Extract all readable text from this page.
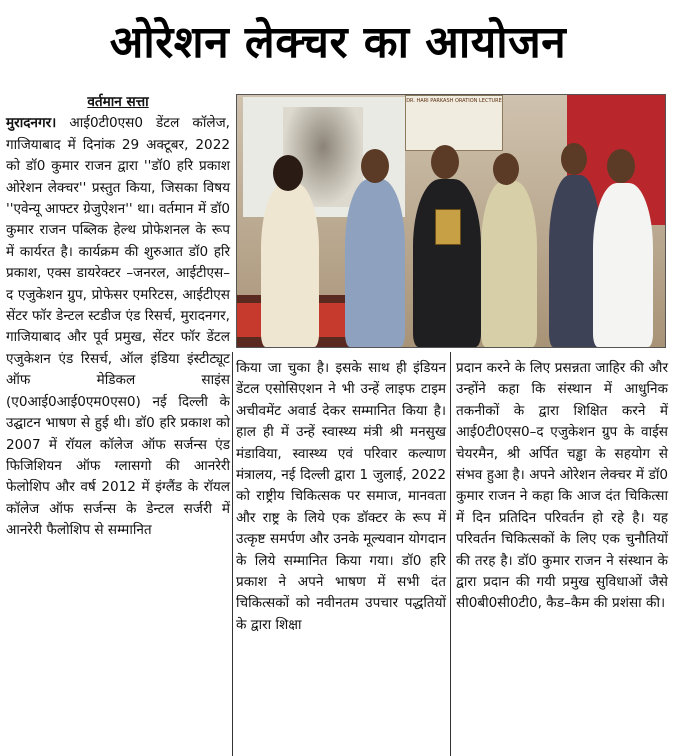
ओरेशन लेक्चर का आयोजन
वर्तमान सत्ता
मुरादनगर। आई0टी0एस0 डेंटल कॉलेज, गाजियाबाद में दिनांक 29 अक्टूबर, 2022 को डॉ0 कुमार राजन द्वारा ''डॉ0 हरि प्रकाश ओरेशन लेक्चर'' प्रस्तुत किया, जिसका विषय ''एवेन्यू आफ्टर ग्रेजुऐशन'' था। वर्तमान में डॉ0 कुमार राजन पब्लिक हेल्थ प्रोफेशनल के रूप में कार्यरत है। कार्यक्रम की शुरुआत डॉ0 हरि प्रकाश, एक्स डायरेक्टर –जनरल, आईटीएस–द एजुकेशन ग्रुप, प्रोफेसर एमरिटस, आईटीएस सेंटर फॉर डेन्टल स्टडीज एंड रिसर्च, मुरादनगर, गाजियाबाद और पूर्व प्रमुख, सेंटर फॉर डेंटल एजुकेशन एंड रिसर्च, ऑल इंडिया इंस्टीट्यूट ऑफ मेडिकल साइंस (ए0आई0आई0एम0एस0) नई दिल्ली के उद्घाटन भाषण से हुई थी। डॉ0 हरि प्रकाश को 2007 में रॉयल कॉलेज ऑफ सर्जन्स एंड फिजिशियन ऑफ ग्लासगो की आनरेरी फेलोशिप और वर्ष 2012 में इंग्लैंड के रॉयल कॉलेज ऑफ सर्जन्स के डेन्टल सर्जरी में आनरेरी फैलोशिप से सम्मानित
DR. HARI PARKASH ORATION LECTURE
किया जा चुका है। इसके साथ ही इंडियन डेंटल एसोसिएशन ने भी उन्हें लाइफ टाइम अचीवमेंट अवार्ड देकर सम्मानित किया है। हाल ही में उन्हें स्वास्थ्य मंत्री श्री मनसुख मंडाविया, स्वास्थ्य एवं परिवार कल्याण मंत्रालय, नई दिल्ली द्वारा 1 जुलाई, 2022 को राष्ट्रीय चिकित्सक पर समाज, मानवता और राष्ट्र के लिये एक डॉक्टर के रूप में उत्कृष्ट समर्पण और उनके मूल्यवान योगदान के लिये सम्मानित किया गया। डॉ0 हरि प्रकाश ने अपने भाषण में सभी दंत चिकित्सकों को नवीनतम उपचार पद्धतियों के द्वारा शिक्षा
प्रदान करने के लिए प्रसन्नता जाहिर की और उन्होंने कहा कि संस्थान में आधुनिक तकनीकों के द्वारा शिक्षित करने में आई0टी0एस0–द एजुकेशन ग्रुप के वाईस चेयरमैन, श्री अर्पित चड्ढा के सहयोग से संभव हुआ है। अपने ओरेशन लेक्चर में डॉ0 कुमार राजन ने कहा कि आज दंत चिकित्सा में दिन प्रतिदिन परिवर्तन हो रहे है। यह परिवर्तन चिकित्सकों के लिए एक चुनौतियों की तरह है। डॉ0 कुमार राजन ने संस्थान के द्वारा प्रदान की गयी प्रमुख सुविधाओं जैसे सी0बी0सी0टी0, कैड–कैम की प्रशंसा की।
